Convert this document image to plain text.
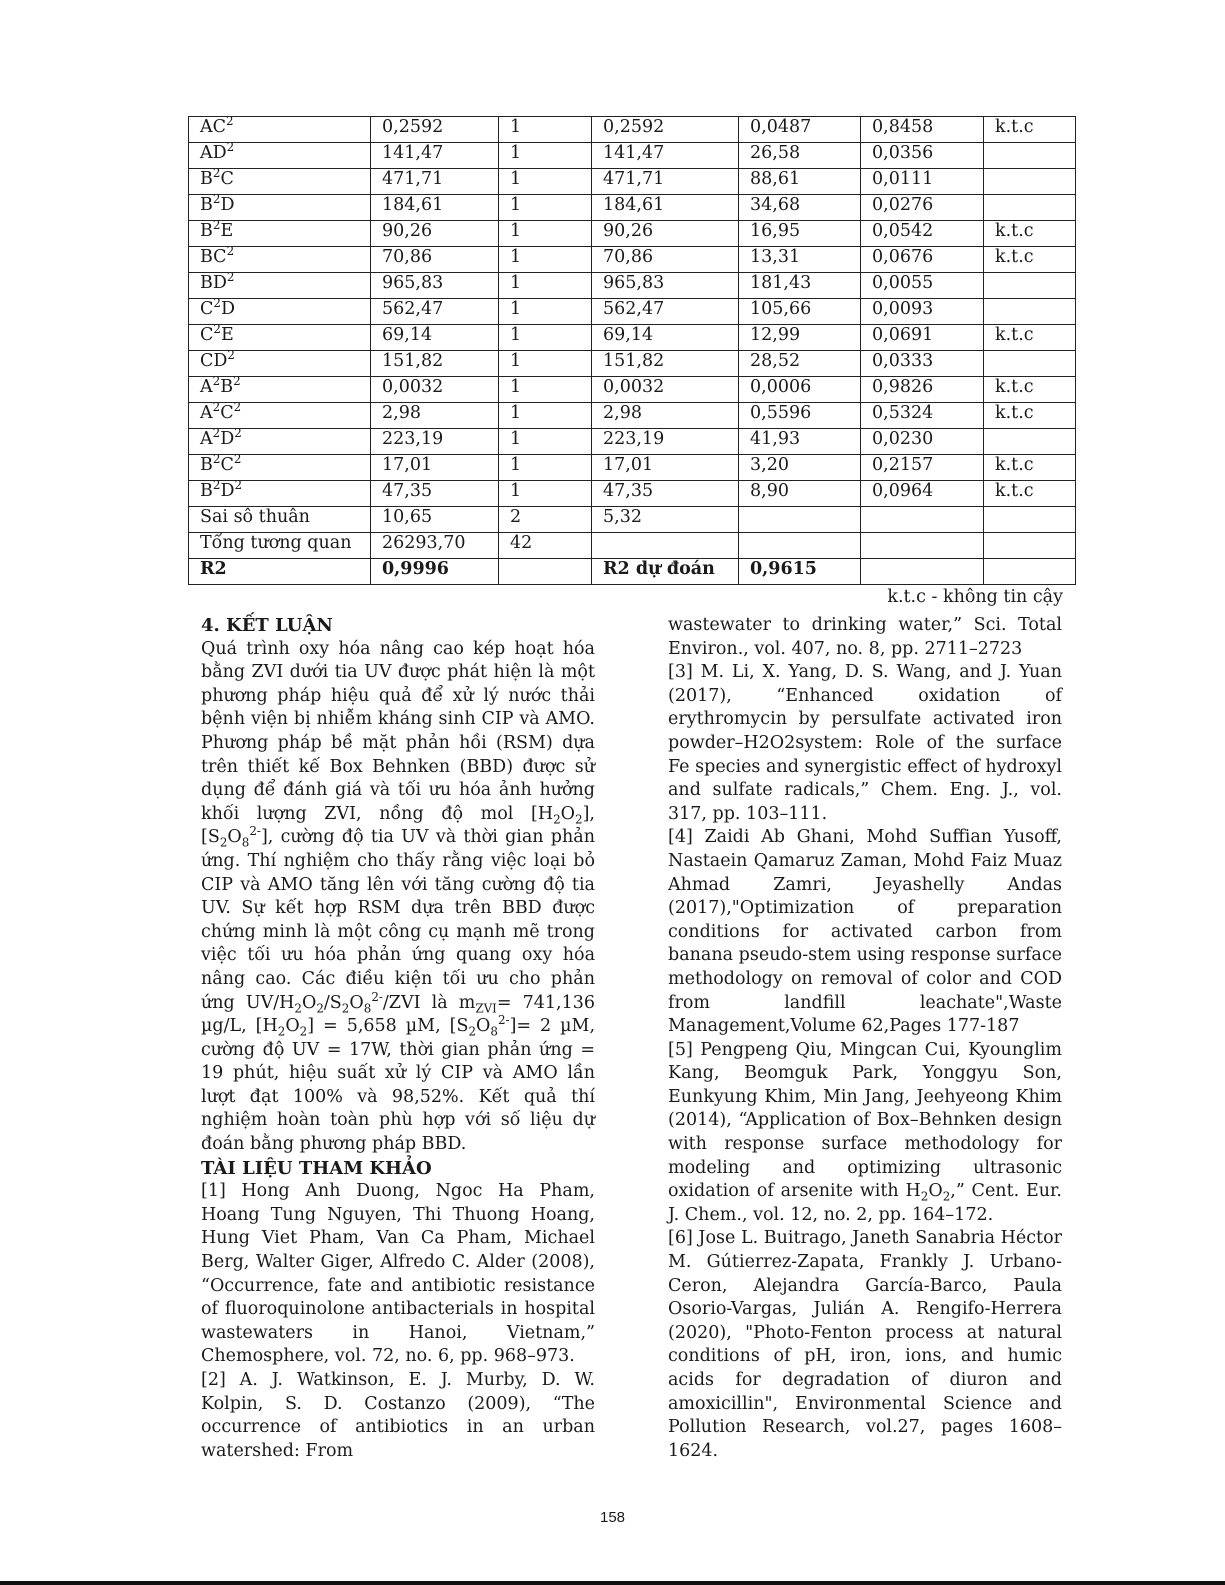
$AC^2$	0,2592	1	0,2592	0,0487	0,8458	k.t.c
$AD^2$	141,47	1	141,47	26,58	0,0356	
$B^2C$	471,71	1	471,71	88,61	0,0111	
$B^2D$	184,61	1	184,61	34,68	0,0276	
$B^2E$	90,26	1	90,26	16,95	0,0542	k.t.c
$BC^2$	70,86	1	70,86	13,31	0,0676	k.t.c
$BD^2$	965,83	1	965,83	181,43	0,0055	
$C^2D$	562,47	1	562,47	105,66	0,0093	
$C^2E$	69,14	1	69,14	12,99	0,0691	k.t.c
$CD^2$	151,82	1	151,82	28,52	0,0333	
$A^2B^2$	0,0032	1	0,0032	0,0006	0,9826	k.t.c
$A^2C^2$	2,98	1	2,98	0,5596	0,5324	k.t.c
$A^2D^2$	223,19	1	223,19	41,93	0,0230	
$B^2C^2$	17,01	1	17,01	3,20	0,2157	k.t.c
$B^2D^2$	47,35	1	47,35	8,90	0,0964	k.t.c
Sai sô thuân	10,65	2	5,32			
Tổng tương quan	26293,70	42				
R2	0,9996		R2 dự đoán	0,9615		
k.t.c - không tin cậy
4. KẾT LUẬN
Quá trình oxy hóa nâng cao kép hoạt hóa bằng ZVI dưới tia UV được phát hiện là một phương pháp hiệu quả để xử lý nước thải bệnh viện bị nhiễm kháng sinh CIP và AMO. Phương pháp bề mặt phản hồi (RSM) dựa trên thiết kế Box Behnken (BBD) được sử dụng để đánh giá và tối ưu hóa ảnh hưởng khối lượng ZVI, nồng độ mol $[H_2O_2]$, $[S_2O_8^{2-}]$, cường độ tia UV và thời gian phản ứng. Thí nghiệm cho thấy rằng việc loại bỏ CIP và AMO tăng lên với tăng cường độ tia UV. Sự kết hợp RSM dựa trên BBD được chứng minh là một công cụ mạnh mẽ trong việc tối ưu hóa phản ứng quang oxy hóa nâng cao. Các điều kiện tối ưu cho phản ứng $UV/H_2O_2/S_2O_8^{2-}$/ZVI là $m_{ZVI}= 741,136$ µg/L, $[H_2O_2] = 5,658$ µM, $[S_2O_8^{2-}]= 2$ µM, cường độ UV = 17W, thời gian phản ứng = 19 phút, hiệu suất xử lý CIP và AMO lần lượt đạt 100% và 98,52%. Kết quả thí nghiệm hoàn toàn phù hợp với số liệu dự đoán bằng phương pháp BBD.
TÀI LIỆU THAM KHẢO
[1] Hong Anh Duong, Ngoc Ha Pham, Hoang Tung Nguyen, Thi Thuong Hoang, Hung Viet Pham, Van Ca Pham, Michael Berg, Walter Giger, Alfredo C. Alder (2008), “Occurrence, fate and antibiotic resistance of fluoroquinolone antibacterials in hospital wastewaters in Hanoi, Vietnam,” Chemosphere, vol. 72, no. 6, pp. 968–973.
[2] A. J. Watkinson, E. J. Murby, D. W. Kolpin, S. D. Costanzo (2009), “The occurrence of antibiotics in an urban watershed: From
wastewater to drinking water,” Sci. Total Environ., vol. 407, no. 8, pp. 2711–2723
[3] M. Li, X. Yang, D. S. Wang, and J. Yuan (2017), “Enhanced oxidation of erythromycin by persulfate activated iron powder–H2O2system: Role of the surface Fe species and synergistic effect of hydroxyl and sulfate radicals,” Chem. Eng. J., vol. 317, pp. 103–111.
[4] Zaidi Ab Ghani, Mohd Suffian Yusoff, Nastaein Qamaruz Zaman, Mohd Faiz Muaz Ahmad Zamri, Jeyashelly Andas (2017),"Optimization of preparation conditions for activated carbon from banana pseudo-stem using response surface methodology on removal of color and COD from landfill leachate",Waste Management,Volume 62,Pages 177-187
[5] Pengpeng Qiu, Mingcan Cui, Kyounglim Kang, Beomguk Park, Yonggyu Son, Eunkyung Khim, Min Jang, Jeehyeong Khim (2014), “Application of Box–Behnken design with response surface methodology for modeling and optimizing ultrasonic oxidation of arsenite with $H_2O_2$,” Cent. Eur. J. Chem., vol. 12, no. 2, pp. 164–172.
[6] Jose L. Buitrago, Janeth Sanabria Héctor M. Gútierrez-Zapata, Frankly J. Urbano-Ceron, Alejandra García-Barco, Paula Osorio-Vargas, Julián A. Rengifo-Herrera (2020), "Photo-Fenton process at natural conditions of pH, iron, ions, and humic acids for degradation of diuron and amoxicillin", Environmental Science and Pollution Research, vol.27, pages 1608–1624.
158
